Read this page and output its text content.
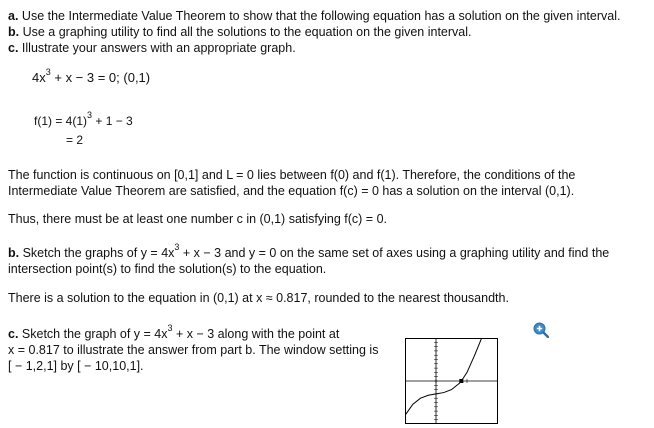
a. Use the Intermediate Value Theorem to show that the following equation has a solution on the given interval.
b. Use a graphing utility to find all the solutions to the equation on the given interval.
c. Illustrate your answers with an appropriate graph.
$4x^3 + x - 3 = 0$; (0,1)
$f(1) = 4(1)^3 + 1 - 3$
= 2
The function is continuous on [0,1] and L = 0 lies between f(0) and f(1). Therefore, the conditions of the
Intermediate Value Theorem are satisfied, and the equation f(c) = 0 has a solution on the interval (0,1).
Thus, there must be at least one number c in (0,1) satisfying f(c) = 0.
b. Sketch the graphs of $y = 4x^3 + x - 3$ and y = 0 on the same set of axes using a graphing utility and find the
intersection point(s) to find the solution(s) to the equation.
There is a solution to the equation in (0,1) at x ≈ 0.817, rounded to the nearest thousandth.
c. Sketch the graph of $y = 4x^3 + x - 3$ along with the point at
x = 0.817 to illustrate the answer from part b. The window setting is
[ − 1,2,1] by [ − 10,10,1].
